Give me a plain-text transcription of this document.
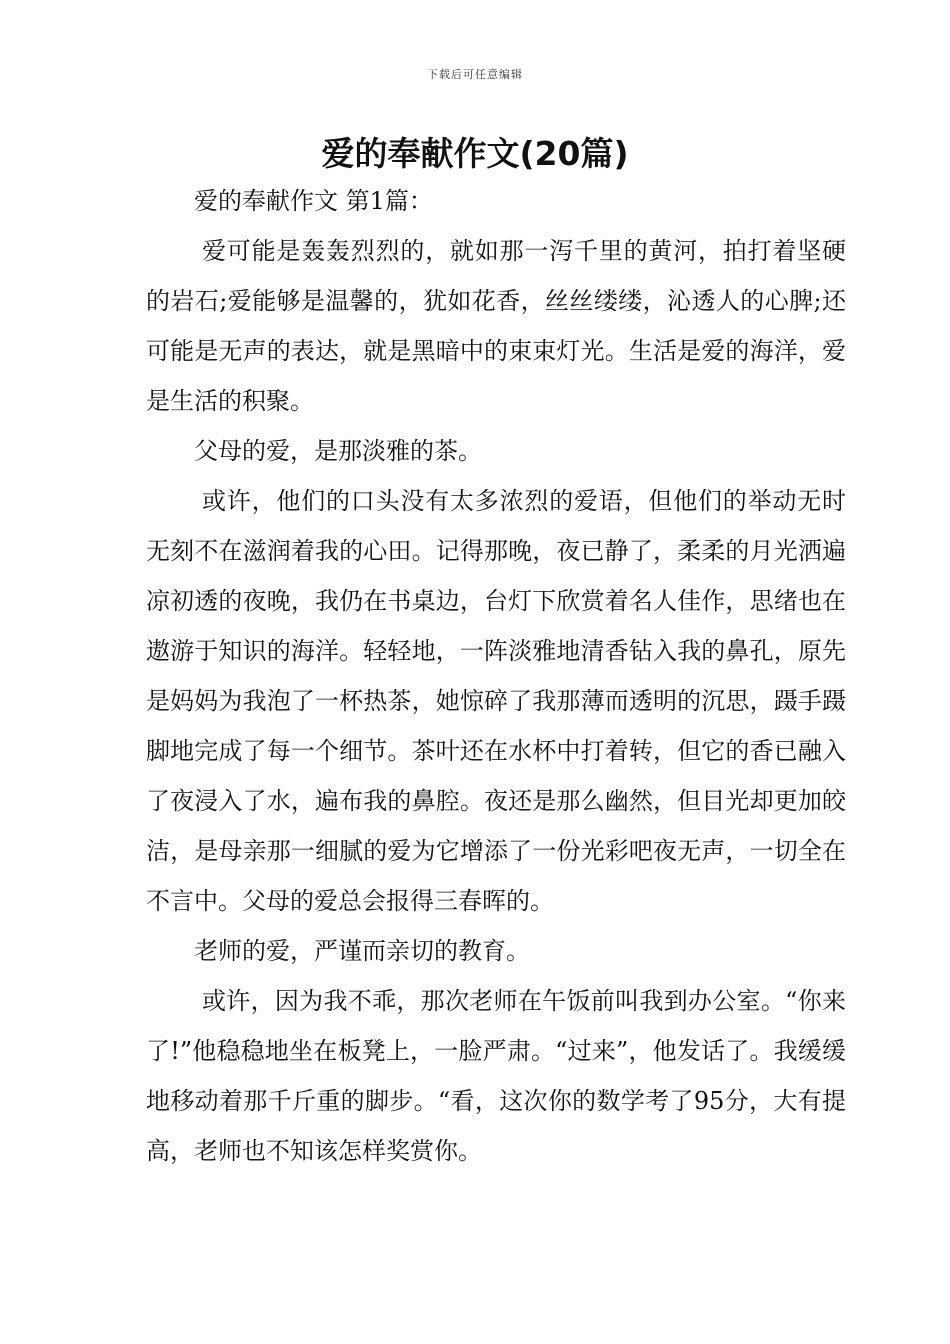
下载后可任意编辑
爱的奉献作文(20篇)

爱的奉献作文 第1篇：

爱可能是轰轰烈烈的，就如那一泻千里的黄河，拍打着坚硬的岩石;爱能够是温馨的，犹如花香，丝丝缕缕，沁透人的心脾;还可能是无声的表达，就是黑暗中的束束灯光。生活是爱的海洋，爱是生活的积聚。

父母的爱，是那淡雅的茶。

或许，他们的口头没有太多浓烈的爱语，但他们的举动无时无刻不在滋润着我的心田。记得那晚，夜已静了，柔柔的月光洒遍凉初透的夜晚，我仍在书桌边，台灯下欣赏着名人佳作，思绪也在遨游于知识的海洋。轻轻地，一阵淡雅地清香钻入我的鼻孔，原先是妈妈为我泡了一杯热茶，她惊碎了我那薄而透明的沉思，蹑手蹑脚地完成了每一个细节。茶叶还在水杯中打着转，但它的香已融入了夜浸入了水，遍布我的鼻腔。夜还是那么幽然，但目光却更加皎洁，是母亲那一细腻的爱为它增添了一份光彩吧夜无声，一切全在不言中。父母的爱总会报得三春晖的。

老师的爱，严谨而亲切的教育。

或许，因为我不乖，那次老师在午饭前叫我到办公室。“你来了!”他稳稳地坐在板凳上，一脸严肃。“过来”，他发话了。我缓缓地移动着那千斤重的脚步。“看，这次你的数学考了95分，大有提高，老师也不知该怎样奖赏你。
